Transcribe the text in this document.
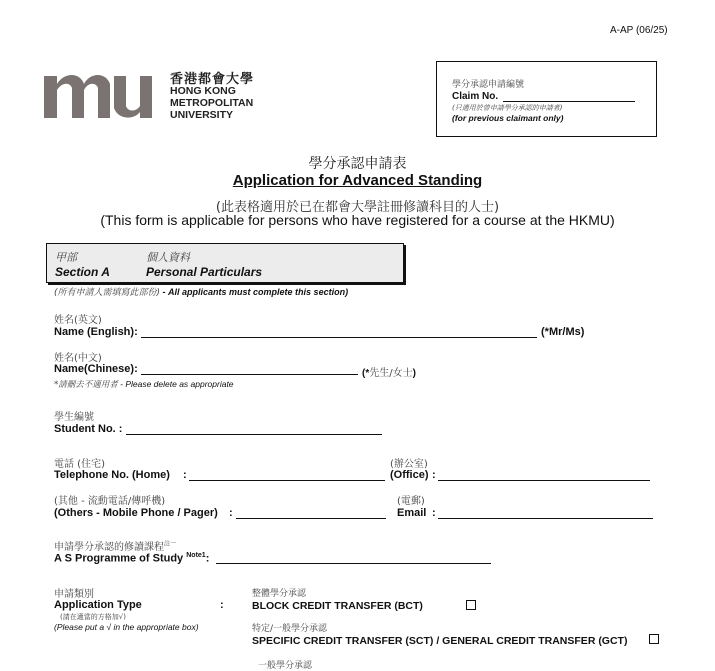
A-AP (06/25)
香港都會大學
HONG KONG
METROPOLITAN
UNIVERSITY
學分承認申請編號
Claim No.
(只適用於曾申請學分承認的申請者)
(for previous claimant only)
學分承認申請表
Application for Advanced Standing
(此表格適用於已在都會大學註冊修讀科目的人士)
(This form is applicable for persons who have registered for a course at the HKMU)
甲部
Section A
個人資料
Personal Particulars
(所有申請人需填寫此部份) - All applicants must complete this section)
姓名(英文)
Name (English):	(*Mr/Ms)
姓名(中文)
Name(Chinese):	(*先生/女士)
*請刪去不適用者 - Please delete as appropriate
學生編號
Student No. :
電話 (住宅)
Telephone No. (Home) :
(辦公室)
(Office) :
(其他 - 流動電話/傳呼機)
(Others - Mobile Phone / Pager) :
(電郵)
Email :
申請學分承認的修讀課程$^{註一}$
A S Programme of Study $^{Note1}$:
申請類別
Application Type	:
(請在適當的方格加√)
(Please put a √ in the appropriate box)
整體學分承認
BLOCK CREDIT TRANSFER (BCT)
特定/一般學分承認
SPECIFIC CREDIT TRANSFER (SCT) / GENERAL CREDIT TRANSFER (GCT)
一般學分承認
